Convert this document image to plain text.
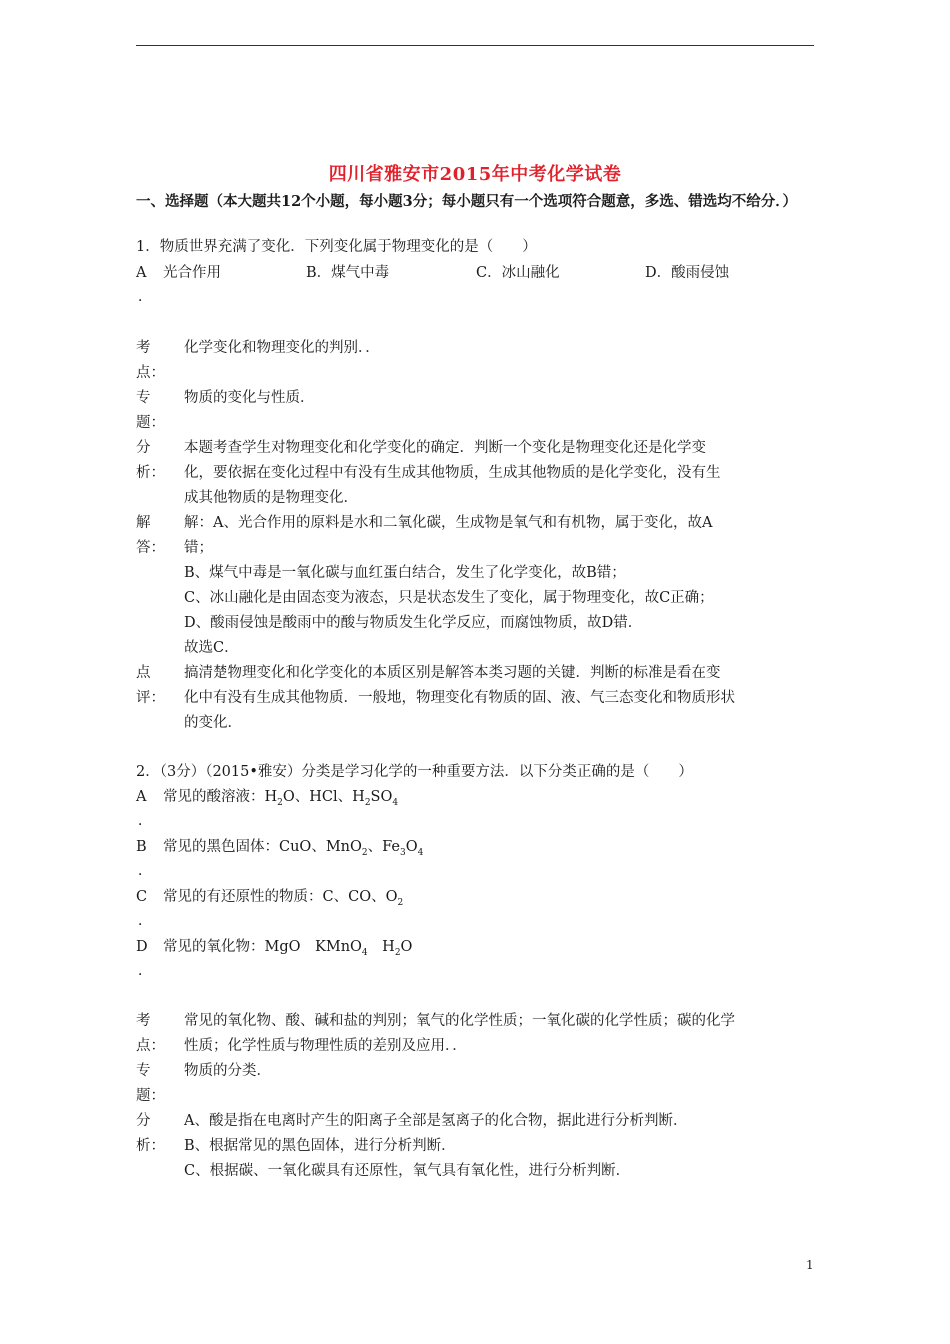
四川省雅安市2015年中考化学试卷
一、选择题（本大题共12个小题，每小题3分；每小题只有一个选项符合题意，多选、错选均不给分．）
1．物质世界充满了变化．下列变化属于物理变化的是（　　）
A 光合作用	B．煤气中毒	C．冰山融化	D．酸雨侵蚀
．
考
点：
化学变化和物理变化的判别．．
专
题：
物质的变化与性质．
分
析：
本题考查学生对物理变化和化学变化的确定．判断一个变化是物理变化还是化学变
化，要依据在变化过程中有没有生成其他物质，生成其他物质的是化学变化，没有生
成其他物质的是物理变化．
解
答：
解：A、光合作用的原料是水和二氧化碳，生成物是氧气和有机物，属于变化，故A
错；
B、煤气中毒是一氧化碳与血红蛋白结合，发生了化学变化，故B错；
C、冰山融化是由固态变为液态，只是状态发生了变化，属于物理变化，故C正确；
D、酸雨侵蚀是酸雨中的酸与物质发生化学反应，而腐蚀物质，故D错．
故选C．
点
评：
搞清楚物理变化和化学变化的本质区别是解答本类习题的关键．判断的标准是看在变
化中有没有生成其他物质．一般地，物理变化有物质的固、液、气三态变化和物质形状
的变化．
2．（3分）（2015•雅安）分类是学习化学的一种重要方法．以下分类正确的是（　　）
A 常见的酸溶液：$H_2O$、HCl、$H_2SO_4$
．
B 常见的黑色固体：CuO、MnO$_2$、$Fe_3O_4$
．
C 常见的有还原性的物质：C、CO、$O_2$
．
D 常见的氧化物：MgO　KMnO$_4$　$H_2O$
．
考
点：
常见的氧化物、酸、碱和盐的判别；氧气的化学性质；一氧化碳的化学性质；碳的化学
性质；化学性质与物理性质的差别及应用．．
专
题：
物质的分类．
分
析：
A、酸是指在电离时产生的阳离子全部是氢离子的化合物，据此进行分析判断．
B、根据常见的黑色固体，进行分析判断．
C、根据碳、一氧化碳具有还原性，氧气具有氧化性，进行分析判断．
1
